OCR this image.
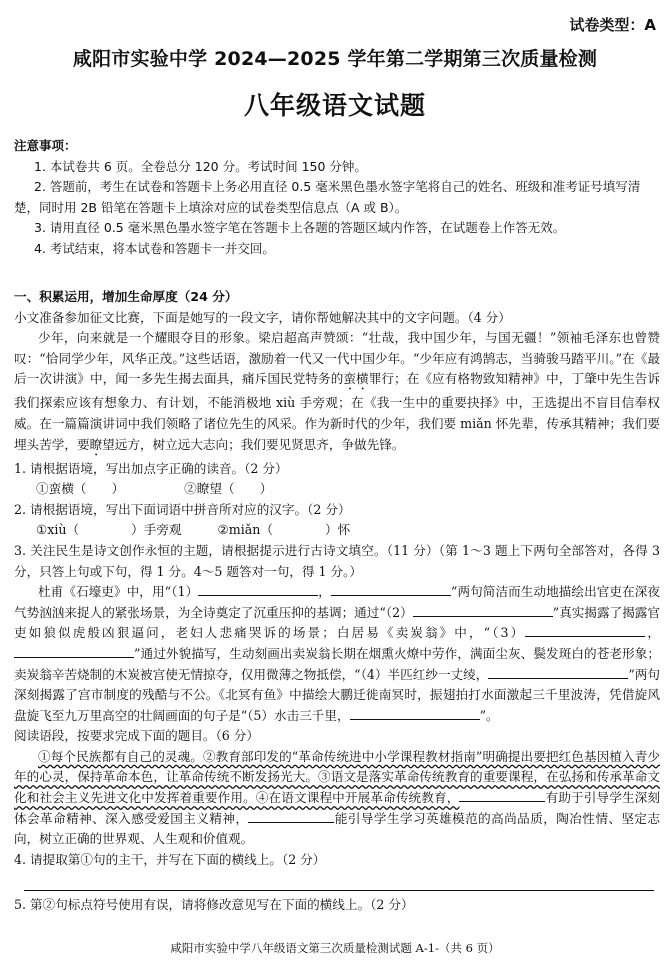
试卷类型：A
咸阳市实验中学 2024—2025 学年第二学期第三次质量检测
八年级语文试题

注意事项：

1. 本试卷共 6 页。全卷总分 120 分。考试时间 150 分钟。

2. 答题前，考生在试卷和答题卡上务必用直径 0.5 毫米黑色墨水签字笔将自己的姓名、班级和准考证号填写清楚，同时用 2B 铅笔在答题卡上填涂对应的试卷类型信息点（A 或 B）。

3. 请用直径 0.5 毫米黑色墨水签字笔在答题卡上各题的答题区域内作答，在试题卷上作答无效。

4. 考试结束，将本试卷和答题卡一并交回。

一、积累运用，增加生命厚度（24 分）

小文准备参加征文比赛，下面是她写的一段文字，请你帮她解决其中的文字问题。（4 分）

少年，向来就是一个耀眼夺目的形象。梁启超高声赞颂：“壮哉，我中国少年，与国无疆！”领袖毛泽东也曾赞叹：“恰同学少年，风华正茂。”这些话语，激励着一代又一代中国少年。“少年应有鸿鹄志，当骑骏马踏平川。”在《最后一次讲演》中，闻一多先生揭去面具，痛斥国民党特务的蛮横罪行；在《应有格物致知精神》中，丁肇中先生告诉我们探索应该有想象力、有计划，不能消极地 xiù 手旁观；在《我一生中的重要抉择》中，王选提出不盲目信奉权威。在一篇篇演讲词中我们领略了诸位先生的风采。作为新时代的少年，我们要 miǎn 怀先辈，传承其精神；我们要埋头苦学，要瞭望远方，树立远大志向；我们要见贤思齐，争做先锋。

1. 请根据语境，写出加点字正确的读音。（2 分）

①蛮横（　　）	②瞭望（　　）

2. 请根据语境，写出下面词语中拼音所对应的汉字。（2 分）

①xiù（	）手旁观	②miǎn（	）怀

3. 关注民生是诗文创作永恒的主题，请根据提示进行古诗文填空。（11 分）（第 1～3 题上下两句全部答对，各得 3 分，只答上句或下句，得 1 分。4～5 题答对一句，得 1 分。）

杜甫《石壕吏》中，用“（1）	，	”两句简洁而生动地描绘出官吏在深夜气势汹汹来捉人的紧张场景，为全诗奠定了沉重压抑的基调；通过“（2）	”真实揭露了揭露官吏如狼似虎般凶狠逼问，老妇人悲痛哭诉的场景；白居易《卖炭翁》中，“（3）	，”通过外貌描写，生动刻画出卖炭翁长期在烟熏火燎中劳作，满面尘灰、鬓发斑白的苍老形象；卖炭翁辛苦烧制的木炭被宫使无情掠夺，仅用微薄之物抵偿，“（4）半匹红纱一丈绫，	”两句深刻揭露了宫市制度的残酷与不公。《北冥有鱼》中描绘大鹏迁徙南冥时，振翅拍打水面激起三千里波涛，凭借旋风盘旋飞至九万里高空的壮阔画面的句子是“（5）水击三千里，	”。

阅读语段，按要求完成下面的题目。（6 分）

①每个民族都有自己的灵魂。②教育部印发的“革命传统进中小学课程教材指南”明确提出要把红色基因植入青少年的心灵，保持革命本色，让革命传统不断发扬光大。③语文是落实革命传统教育的重要课程，在弘扬和传承革命文化和社会主义先进文化中发挥着重要作用。④在语文课程中开展革命传统教育，	有助于引导学生深刻体会革命精神、深入感受爱国主义精神，	能引导学生学习英雄模范的高尚品质，陶冶性情、坚定志向，树立正确的世界观、人生观和价值观。

4. 请提取第①句的主干，并写在下面的横线上。（2 分）

5. 第②句标点符号使用有误，请将修改意见写在下面的横线上。（2 分）

咸阳市实验中学八年级语文第三次质量检测试题 A-1-（共 6 页）
